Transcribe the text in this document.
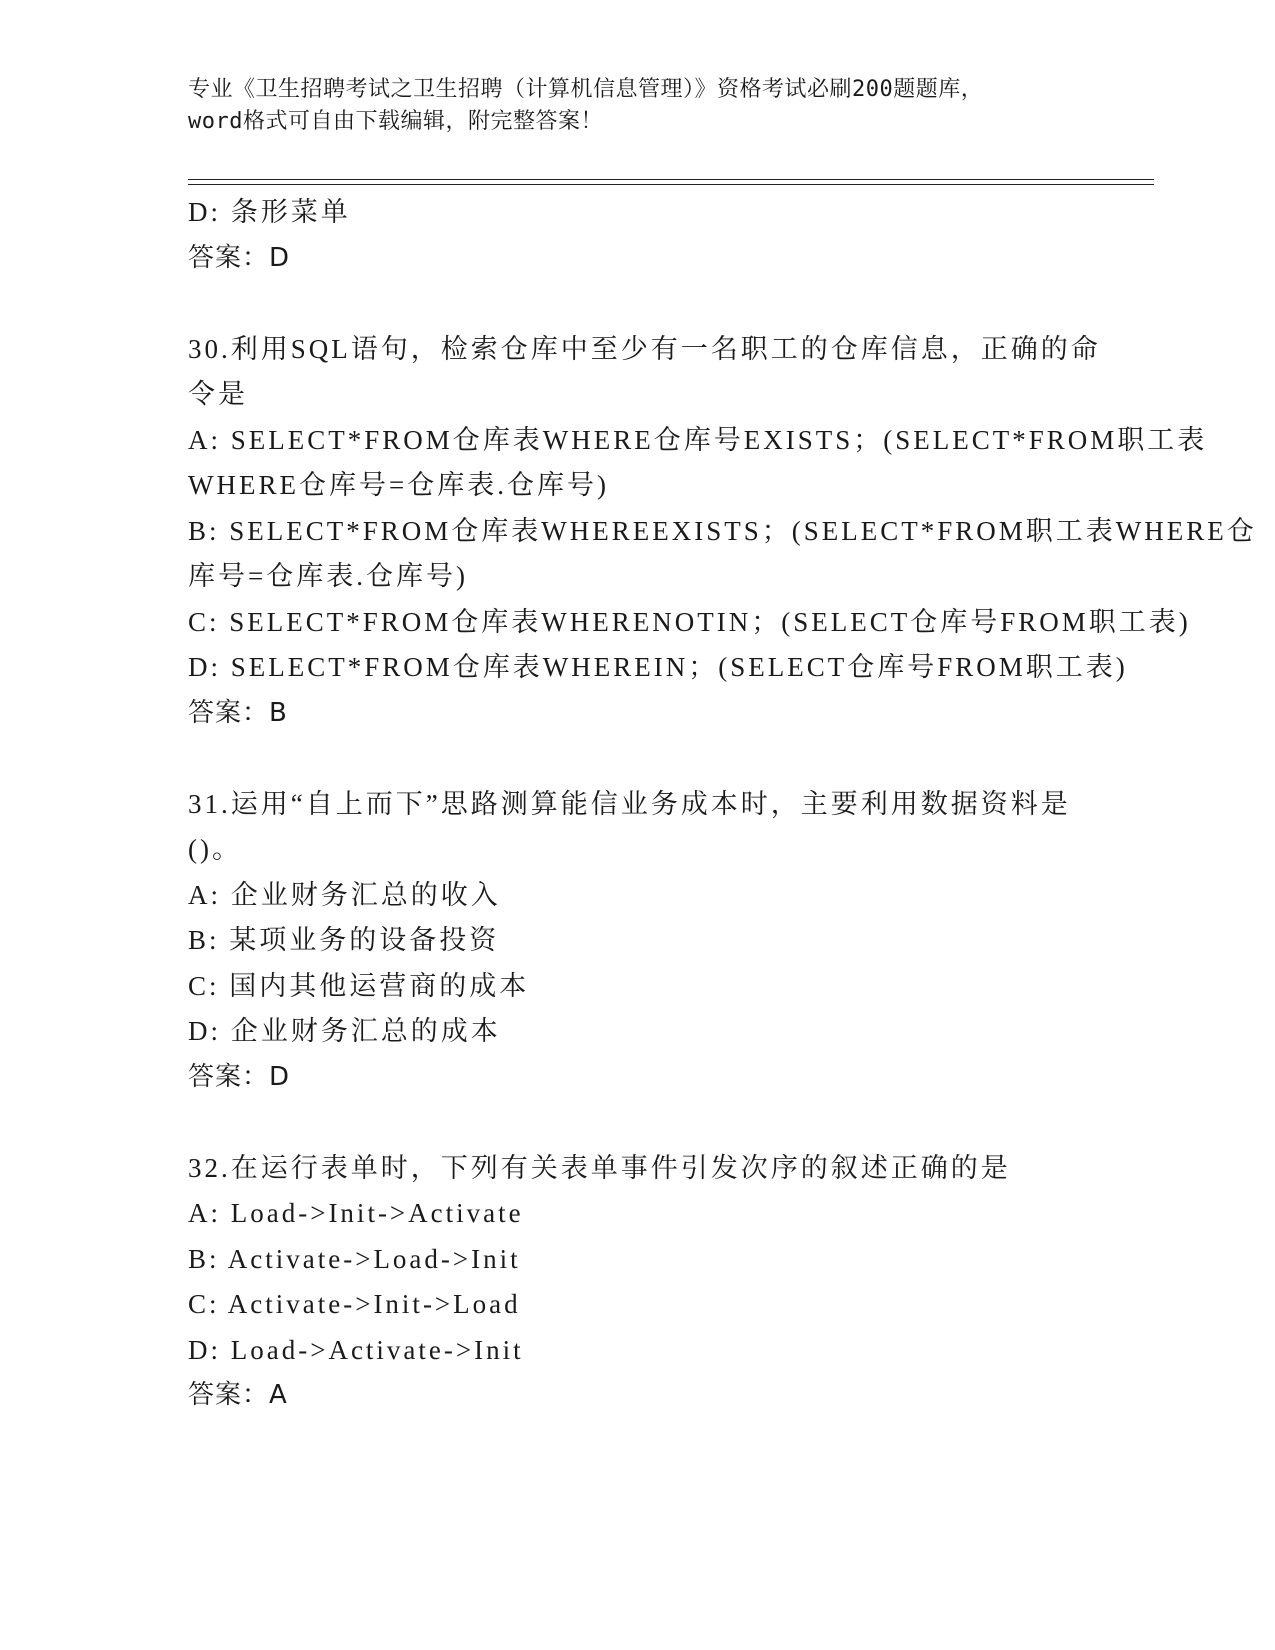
专业《卫生招聘考试之卫生招聘（计算机信息管理）》资格考试必刷200题题库，
word格式可自由下载编辑，附完整答案！
D: 条形菜单
答案：D
30.利用SQL语句，检索仓库中至少有一名职工的仓库信息，正确的命
令是
A: SELECT*FROM仓库表WHERE仓库号EXISTS；(SELECT*FROM职工表
WHERE仓库号=仓库表.仓库号)
B: SELECT*FROM仓库表WHEREEXISTS；(SELECT*FROM职工表WHERE仓
库号=仓库表.仓库号)
C: SELECT*FROM仓库表WHERENOTIN；(SELECT仓库号FROM职工表)
D: SELECT*FROM仓库表WHEREIN；(SELECT仓库号FROM职工表)
答案：B
31.运用“自上而下”思路测算能信业务成本时，主要利用数据资料是
()。
A: 企业财务汇总的收入
B: 某项业务的设备投资
C: 国内其他运营商的成本
D: 企业财务汇总的成本
答案：D
32.在运行表单时，下列有关表单事件引发次序的叙述正确的是
A: Load->Init->Activate
B: Activate->Load->Init
C: Activate->Init->Load
D: Load->Activate->Init
答案：A
